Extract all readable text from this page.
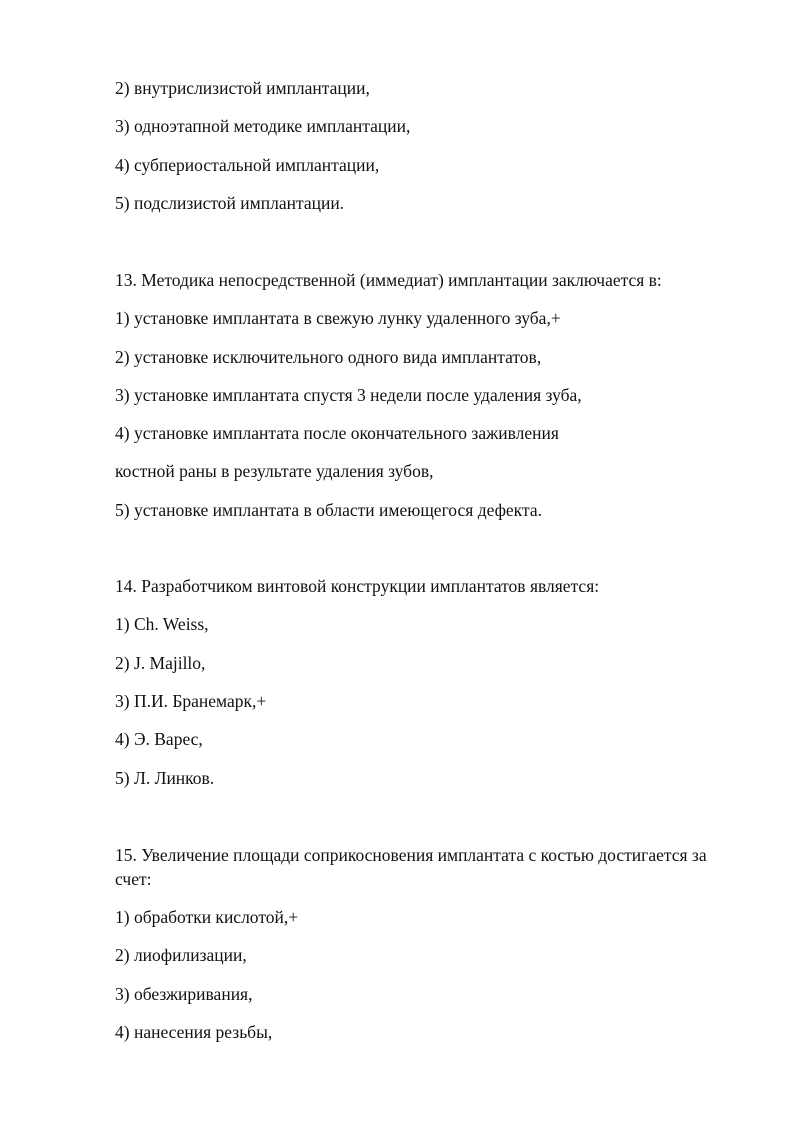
2) внутрислизистой имплантации,
3) одноэтапной методике имплантации,
4) субпериостальной имплантации,
5) подслизистой имплантации.
13. Методика непосредственной (иммедиат) имплантации заключается в:
1) установке имплантата в свежую лунку удаленного зуба,+
2) установке исключительного одного вида имплантатов,
3) установке имплантата спустя 3 недели после удаления зуба,
4) установке имплантата после окончательного заживления
костной раны в результате удаления зубов,
5) установке имплантата в области имеющегося дефекта.
14. Разработчиком винтовой конструкции имплантатов является:
1) Ch. Weiss,
2) J. Majillo,
3) П.И. Бранемарк,+
4) Э. Варес,
5) Л. Линков.
15. Увеличение площади соприкосновения имплантата с костью достигается за счет:
1) обработки кислотой,+
2) лиофилизации,
3) обезжиривания,
4) нанесения резьбы,
